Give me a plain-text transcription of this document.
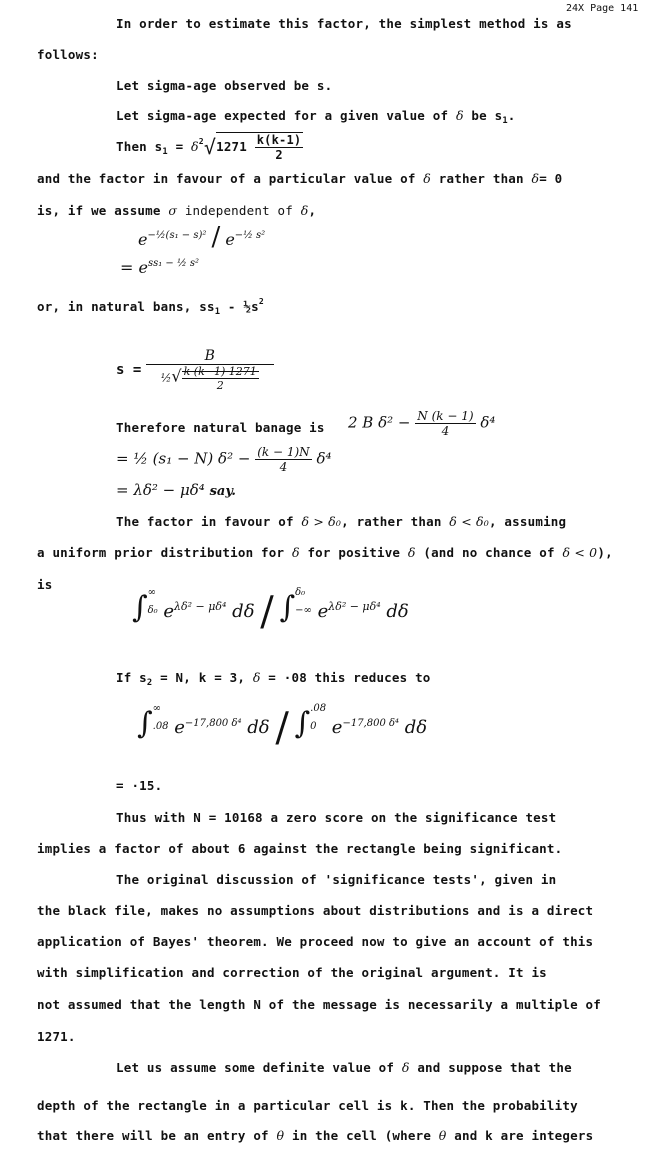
24X Page 141
In order to estimate this factor, the simplest method is as
follows:
Let sigma-age observed be s.
Let sigma-age expected for a given value of δ be $s_1$.
Then $s_1 = \delta^2√1271 \frac{k(k-1)}{2}$
and the factor in favour of a particular value of δ rather than δ= 0
is, if we assume σ independent of δ,
$e^{-\frac{1}{2}(s_1 - s)^2} / e^{-\frac{1}{2} s^2}$
= $e^{ss_1 - \frac{1}{2} s^2}$
or, in natural bans, $ss_1$ - $\frac{1}{2}s^2$
$s = \frac{B}{\frac{1}{2}√ \frac{k (k-1) 1271}{2}}$
Therefore natural banage is 2 B $\delta^2 - \frac{N (k - 1)}{4} \delta^4$
= ½ (s₁ − N) $\delta^2 - \frac{(k - 1)N}{4} \delta^4$
= λδ² − μδ⁴ say.
The factor in favour of δ > δ₀, rather than δ < δ₀, assuming
a uniform prior distribution for δ for positive δ (and no chance of δ < 0),
is
∫∞
δ₀ $e^{\lambda\delta^2 - \mu\delta^4}$ dδ / ∫δ₀
−∞ $e^{\lambda\delta^2 - \mu\delta^4}$ dδ
If $s_2 = N$, k = 3, δ = ·08 this reduces to
∫∞
.08 $e^{-17,800 \delta^4}$ dδ / ∫.08
0 $e^{-17,800 \delta^4}$ dδ
= ·15.
Thus with N = 10168 a zero score on the significance test
implies a factor of about 6 against the rectangle being significant.
The original discussion of 'significance tests', given in
the black file, makes no assumptions about distributions and is a direct
application of Bayes' theorem. We proceed now to give an account of this
with simplification and correction of the original argument. It is
not assumed that the length N of the message is necessarily a multiple of
1271.
Let us assume some definite value of δ and suppose that the
depth of the rectangle in a particular cell is k. Then the probability
that there will be an entry of θ in the cell (where θ and k are integers
